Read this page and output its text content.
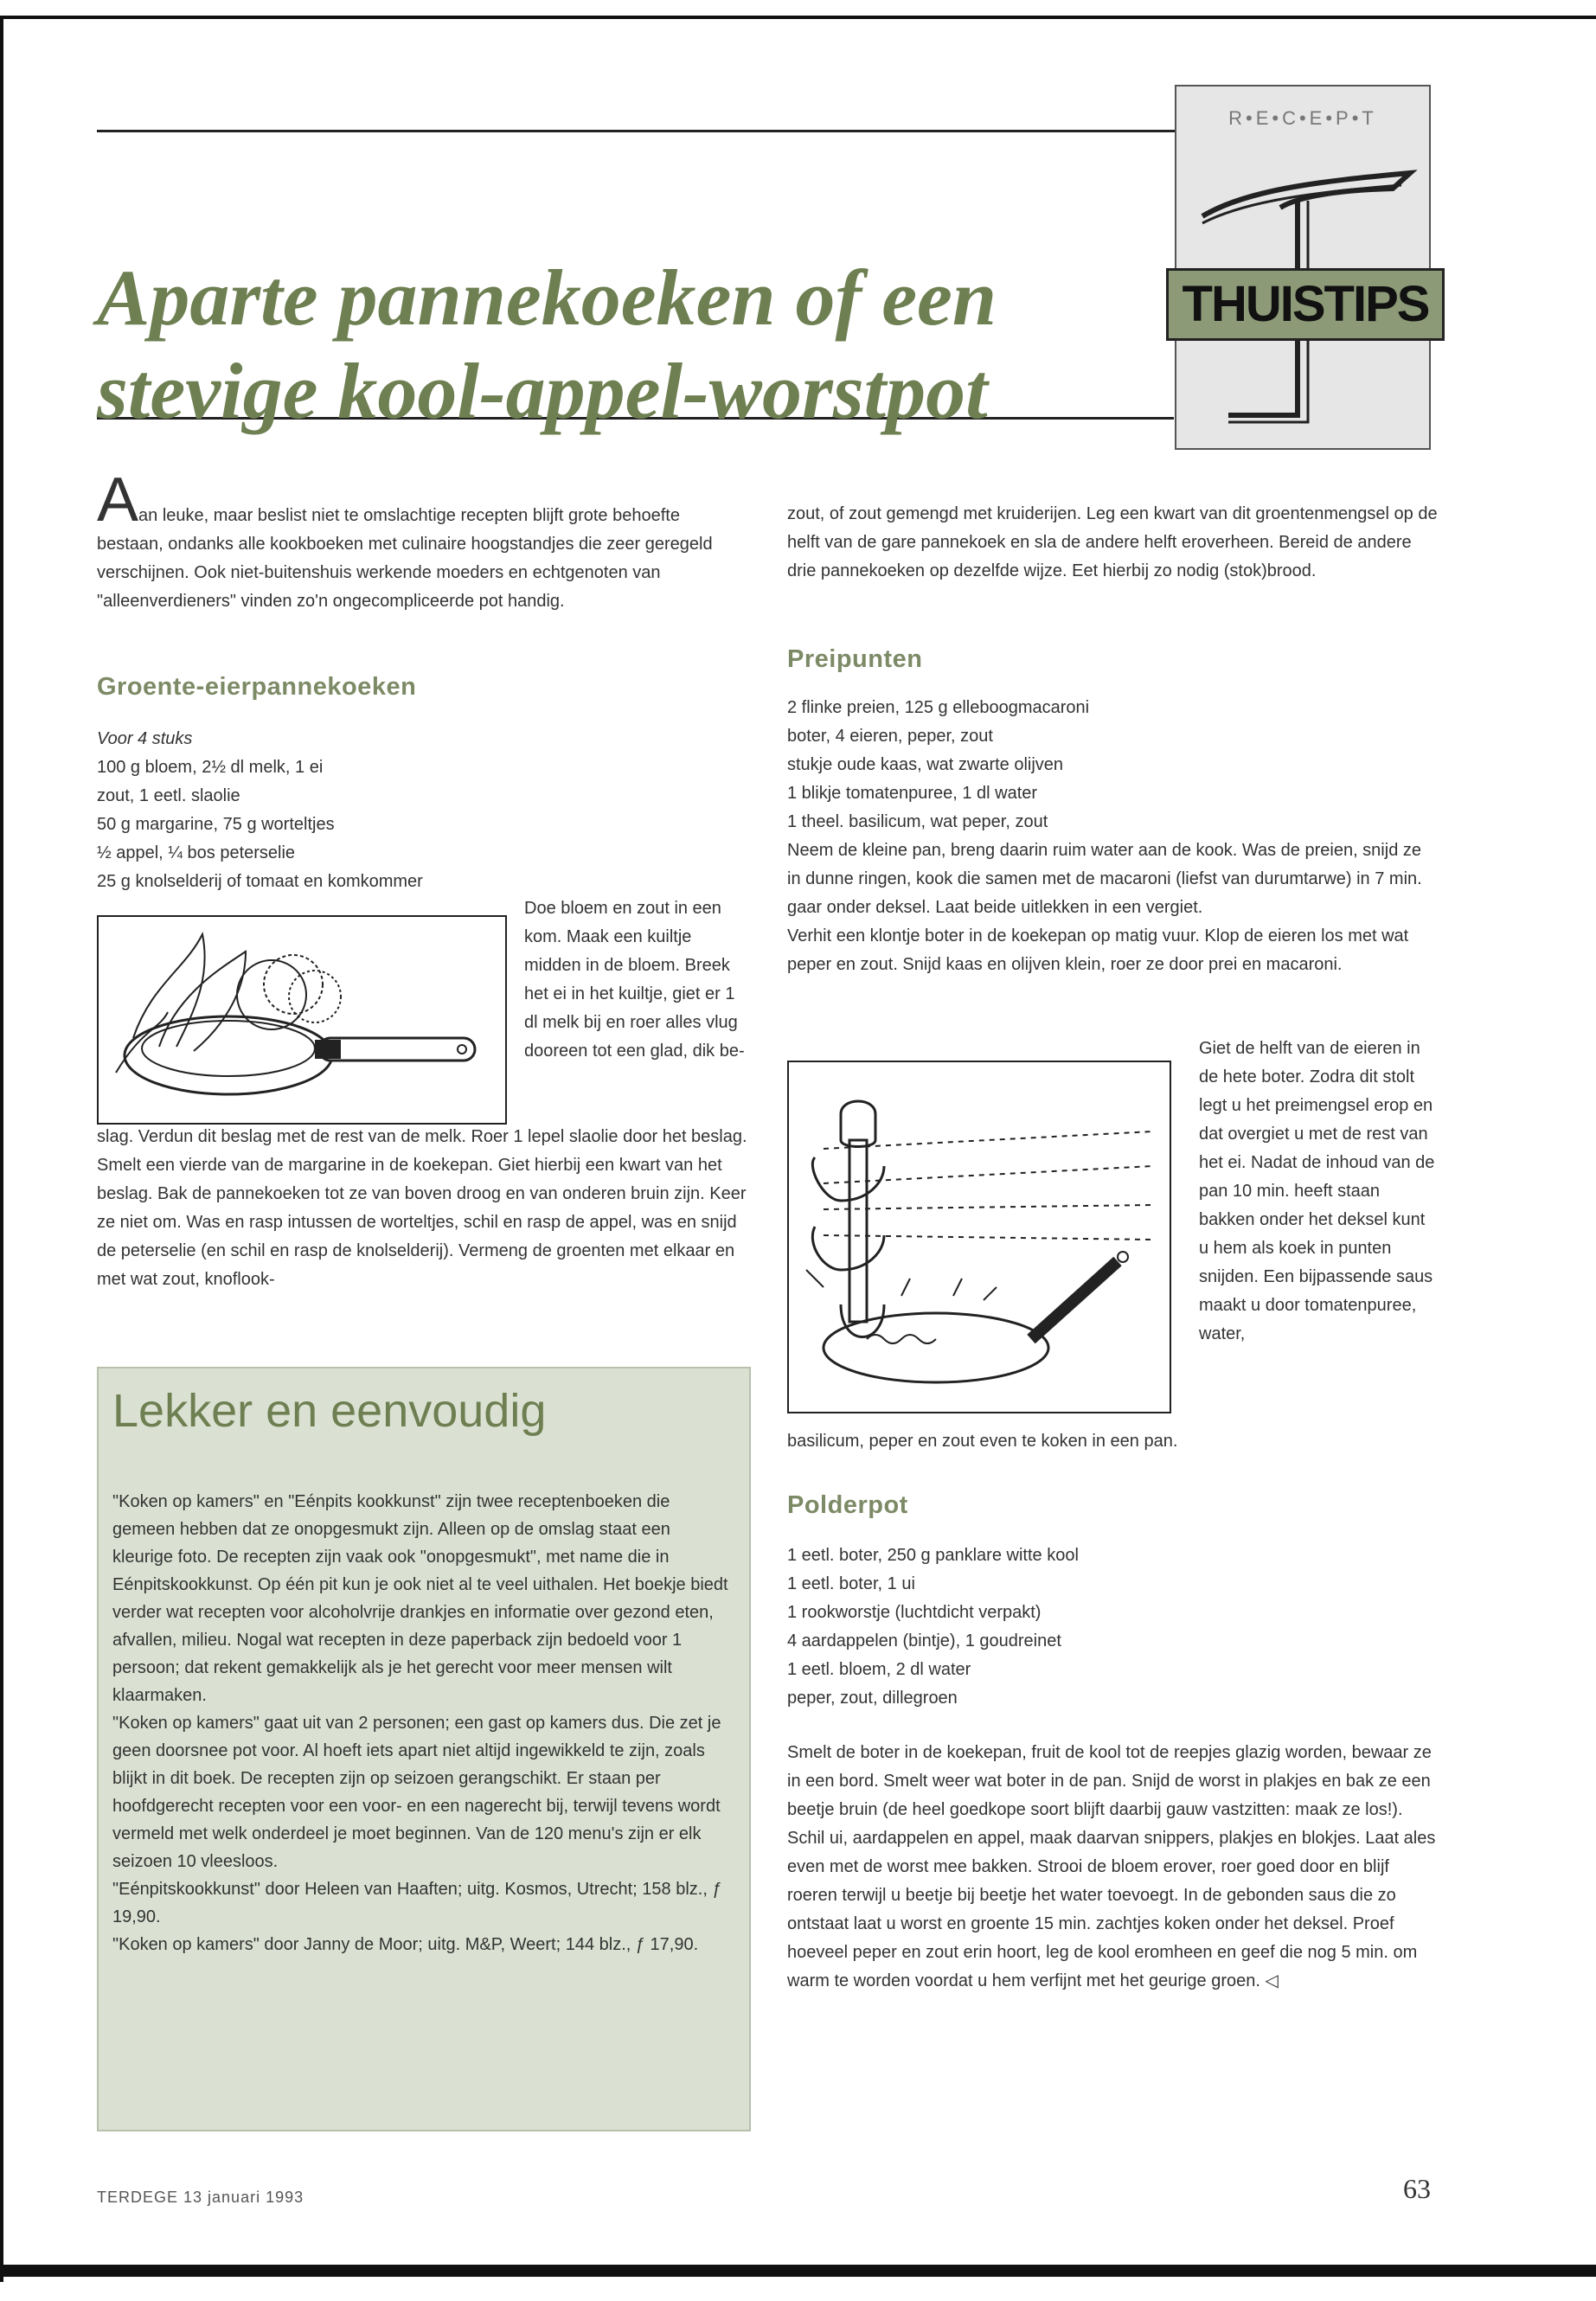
R•E•C•E•P•T
THUISTIPS
Aparte pannekoeken of een
stevige kool-appel-worstpot
Aan leuke, maar beslist niet te omslachtige recepten blijft grote behoefte bestaan, ondanks alle kookboeken met culinaire hoogstandjes die zeer geregeld verschijnen. Ook niet-buitenshuis werkende moeders en echtgenoten van "alleenverdieners" vinden zo'n ongecompliceerde pot handig.
Groente-eierpannekoeken

Voor 4 stuks

100 g bloem, 2½ dl melk, 1 ei

zout, 1 eetl. slaolie

50 g margarine, 75 g worteltjes

½ appel, ¼ bos peterselie

25 g knolselderij of tomaat en komkommer

Doe bloem en zout in een kom. Maak een kuiltje midden in de bloem. Breek het ei in het kuiltje, giet er 1 dl melk bij en roer alles vlug dooreen tot een glad, dik be-

slag. Verdun dit beslag met de rest van de melk. Roer 1 lepel slaolie door het beslag.

Smelt een vierde van de margarine in de koekepan. Giet hierbij een kwart van het beslag. Bak de pannekoeken tot ze van boven droog en van onderen bruin zijn. Keer ze niet om. Was en rasp intussen de worteltjes, schil en rasp de appel, was en snijd de peterselie (en schil en rasp de knolselderij). Vermeng de groenten met elkaar en met wat zout, knoflook-

Lekker en eenvoudig

"Koken op kamers" en "Eénpits kookkunst" zijn twee receptenboeken die gemeen hebben dat ze onopgesmukt zijn. Alleen op de omslag staat een kleurige foto. De recepten zijn vaak ook "onopgesmukt", met name die in Eénpitskookkunst. Op één pit kun je ook niet al te veel uithalen. Het boekje biedt verder wat recepten voor alcoholvrije drankjes en informatie over gezond eten, afvallen, milieu. Nogal wat recepten in deze paperback zijn bedoeld voor 1 persoon; dat rekent gemakkelijk als je het gerecht voor meer mensen wilt klaarmaken.

"Koken op kamers" gaat uit van 2 personen; een gast op kamers dus. Die zet je geen doorsnee pot voor. Al hoeft iets apart niet altijd ingewikkeld te zijn, zoals blijkt in dit boek. De recepten zijn op seizoen gerangschikt. Er staan per hoofdgerecht recepten voor een voor- en een nagerecht bij, terwijl tevens wordt vermeld met welk onderdeel je moet beginnen. Van de 120 menu's zijn er elk seizoen 10 vleesloos.

"Eénpitskookkunst" door Heleen van Haaften; uitg. Kosmos, Utrecht; 158 blz., ƒ 19,90.

"Koken op kamers" door Janny de Moor; uitg. M&P, Weert; 144 blz., ƒ 17,90.

zout, of zout gemengd met kruiderijen. Leg een kwart van dit groentenmengsel op de helft van de gare pannekoek en sla de andere helft eroverheen. Bereid de andere drie pannekoeken op dezelfde wijze. Eet hierbij zo nodig (stok)brood.
Preipunten

2 flinke preien, 125 g elleboogmacaroni

boter, 4 eieren, peper, zout

stukje oude kaas, wat zwarte olijven

1 blikje tomatenpuree, 1 dl water

1 theel. basilicum, wat peper, zout

Neem de kleine pan, breng daarin ruim water aan de kook. Was de preien, snijd ze in dunne ringen, kook die samen met de macaroni (liefst van durumtarwe) in 7 min. gaar onder deksel. Laat beide uitlekken in een vergiet.

Verhit een klontje boter in de koekepan op matig vuur. Klop de eieren los met wat peper en zout. Snijd kaas en olijven klein, roer ze door prei en macaroni.

Giet de helft van de eieren in de hete boter. Zodra dit stolt legt u het preimengsel erop en dat overgiet u met de rest van het ei. Nadat de inhoud van de pan 10 min. heeft staan bakken onder het deksel kunt u hem als koek in punten snijden. Een bijpassende saus maakt u door tomatenpuree, water,
basilicum, peper en zout even te koken in een pan.
Polderpot

1 eetl. boter, 250 g panklare witte kool

1 eetl. boter, 1 ui

1 rookworstje (luchtdicht verpakt)

4 aardappelen (bintje), 1 goudreinet

1 eetl. bloem, 2 dl water

peper, zout, dillegroen

Smelt de boter in de koekepan, fruit de kool tot de reepjes glazig worden, bewaar ze in een bord. Smelt weer wat boter in de pan. Snijd de worst in plakjes en bak ze een beetje bruin (de heel goedkope soort blijft daarbij gauw vastzitten: maak ze los!).

Schil ui, aardappelen en appel, maak daarvan snippers, plakjes en blokjes. Laat ales even met de worst mee bakken. Strooi de bloem erover, roer goed door en blijf roeren terwijl u beetje bij beetje het water toevoegt. In de gebonden saus die zo ontstaat laat u worst en groente 15 min. zachtjes koken onder het deksel. Proef hoeveel peper en zout erin hoort, leg de kool eromheen en geef die nog 5 min. om warm te worden voordat u hem verfijnt met het geurige groen. ◁

TERDEGE 13 januari 1993	63
